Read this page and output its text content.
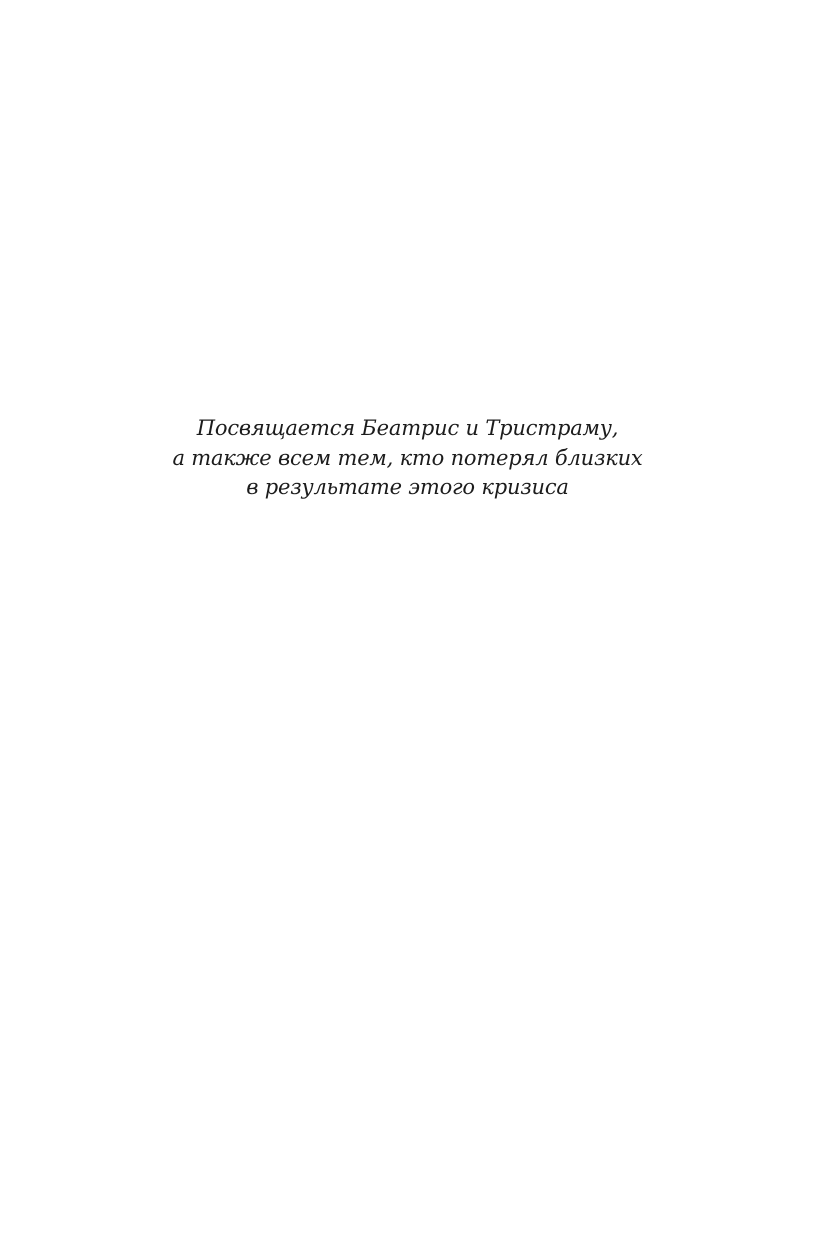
Посвящается Беатрис и Тристраму,
а также всем тем, кто потерял близких
в результате этого кризиса
